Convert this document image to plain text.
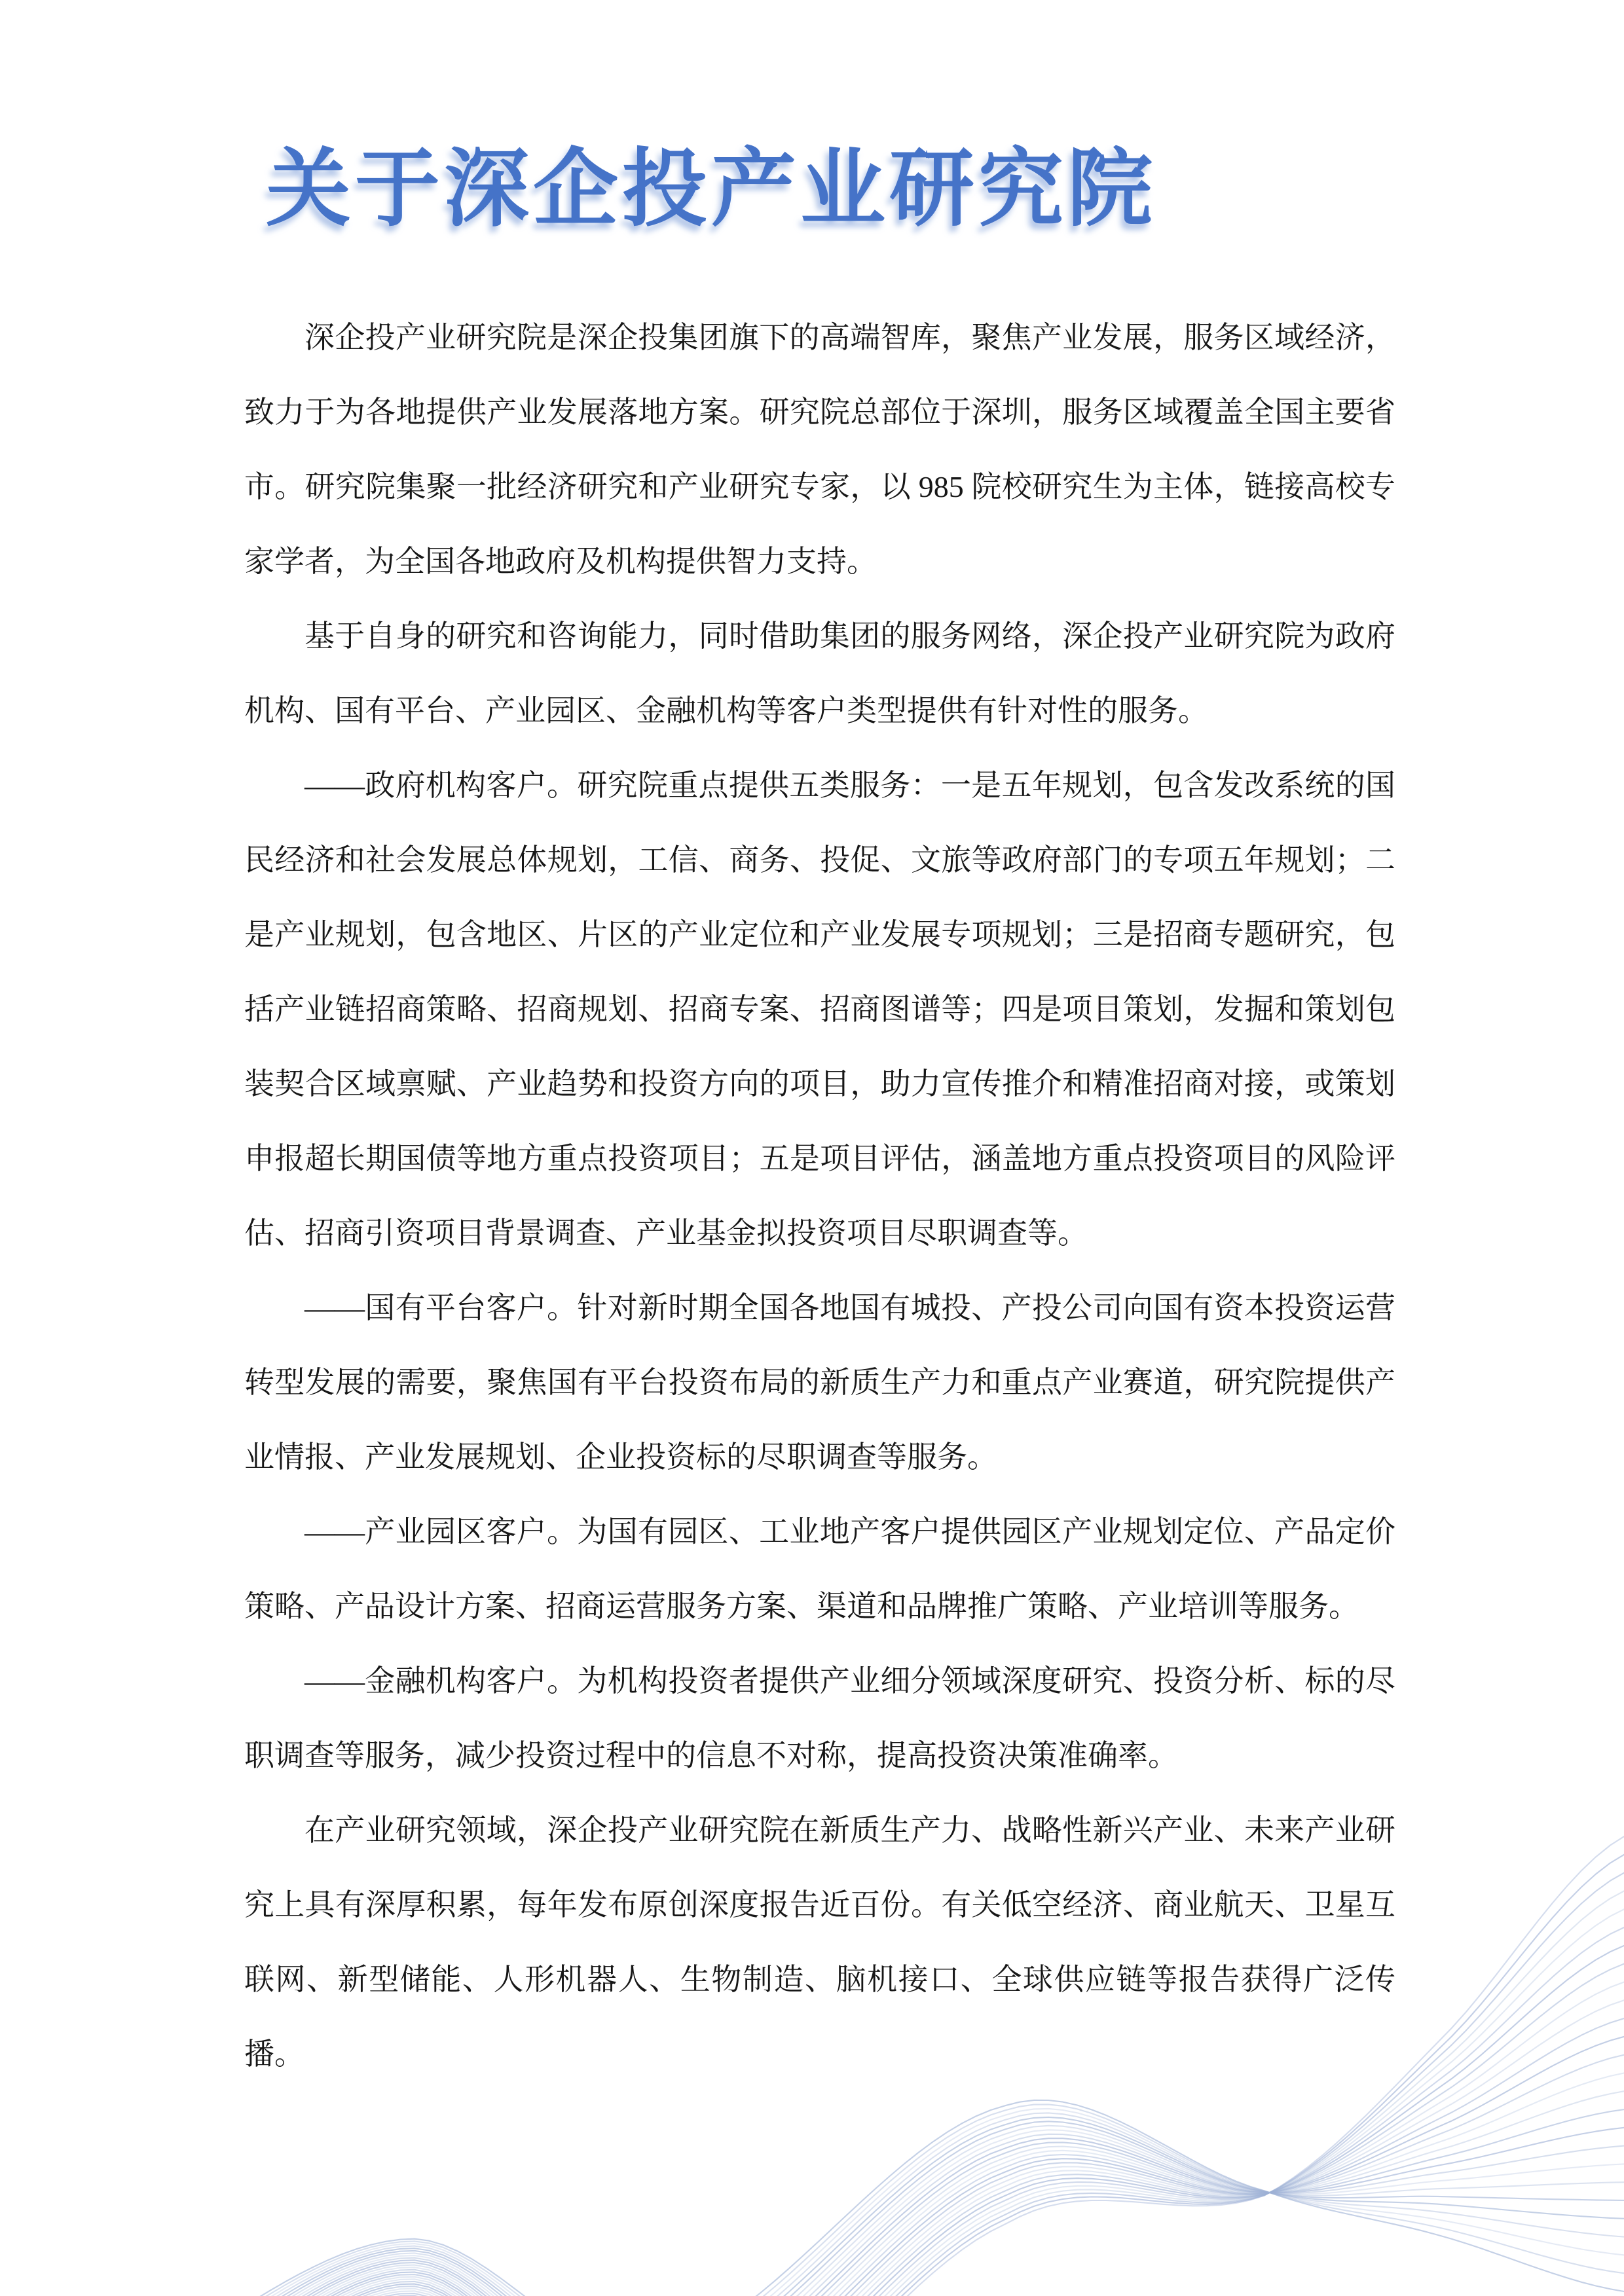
关于深企投产业研究院

深企投产业研究院是深企投集团旗下的高端智库，聚焦产业发展，服务区域经济，致力于为各地提供产业发展落地方案。研究院总部位于深圳，服务区域覆盖全国主要省市。研究院集聚一批经济研究和产业研究专家，以 985 院校研究生为主体，链接高校专家学者，为全国各地政府及机构提供智力支持。

基于自身的研究和咨询能力，同时借助集团的服务网络，深企投产业研究院为政府机构、国有平台、产业园区、金融机构等客户类型提供有针对性的服务。

——政府机构客户。研究院重点提供五类服务：一是五年规划，包含发改系统的国民经济和社会发展总体规划，工信、商务、投促、文旅等政府部门的专项五年规划；二是产业规划，包含地区、片区的产业定位和产业发展专项规划；三是招商专题研究，包括产业链招商策略、招商规划、招商专案、招商图谱等；四是项目策划，发掘和策划包装契合区域禀赋、产业趋势和投资方向的项目，助力宣传推介和精准招商对接，或策划申报超长期国债等地方重点投资项目；五是项目评估，涵盖地方重点投资项目的风险评估、招商引资项目背景调查、产业基金拟投资项目尽职调查等。

——国有平台客户。针对新时期全国各地国有城投、产投公司向国有资本投资运营转型发展的需要，聚焦国有平台投资布局的新质生产力和重点产业赛道，研究院提供产业情报、产业发展规划、企业投资标的尽职调查等服务。

——产业园区客户。为国有园区、工业地产客户提供园区产业规划定位、产品定价策略、产品设计方案、招商运营服务方案、渠道和品牌推广策略、产业培训等服务。

——金融机构客户。为机构投资者提供产业细分领域深度研究、投资分析、标的尽职调查等服务，减少投资过程中的信息不对称，提高投资决策准确率。

在产业研究领域，深企投产业研究院在新质生产力、战略性新兴产业、未来产业研究上具有深厚积累，每年发布原创深度报告近百份。有关低空经济、商业航天、卫星互联网、新型储能、人形机器人、生物制造、脑机接口、全球供应链等报告获得广泛传播。
